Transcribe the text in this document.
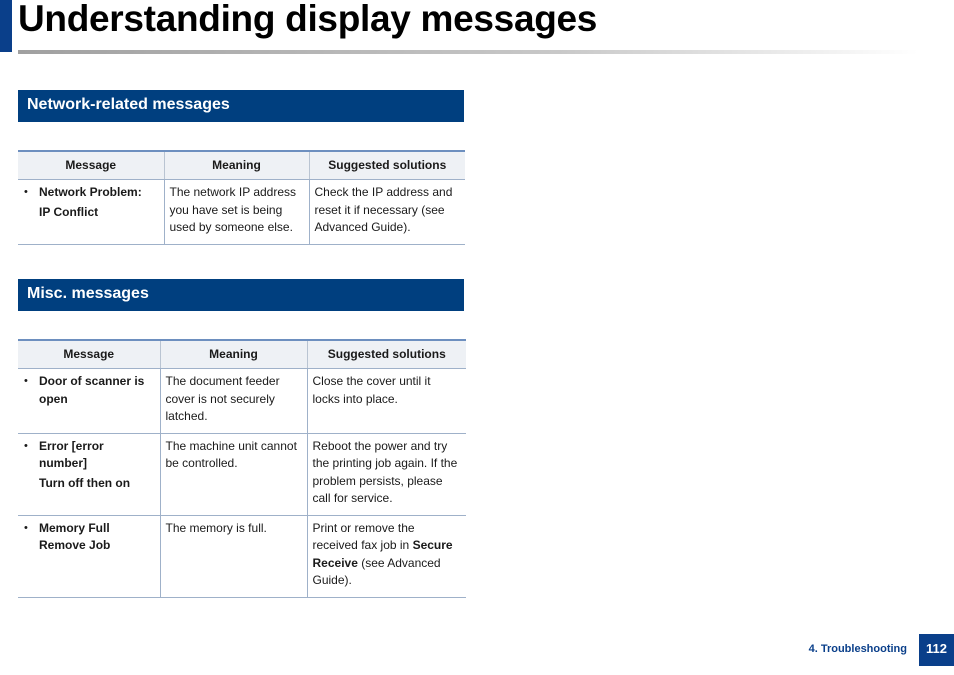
Understanding display messages
Network-related messages
Message	Meaning	Suggested solutions

• Network Problem:
IP Conflict	The network IP address you have set is being used by someone else.	Check the IP address and reset it if necessary (see Advanced Guide).
Misc. messages
Message	Meaning	Suggested solutions

• Door of scanner is open	The document feeder cover is not securely latched.	Close the cover until it locks into place.

• Error [error number]
Turn off then on	The machine unit cannot be controlled.	Reboot the power and try the printing job again. If the problem persists, please call for service.

• Memory Full Remove Job	The memory is full.	Print or remove the received fax job in Secure Receive (see Advanced Guide).
4. Troubleshooting	112
